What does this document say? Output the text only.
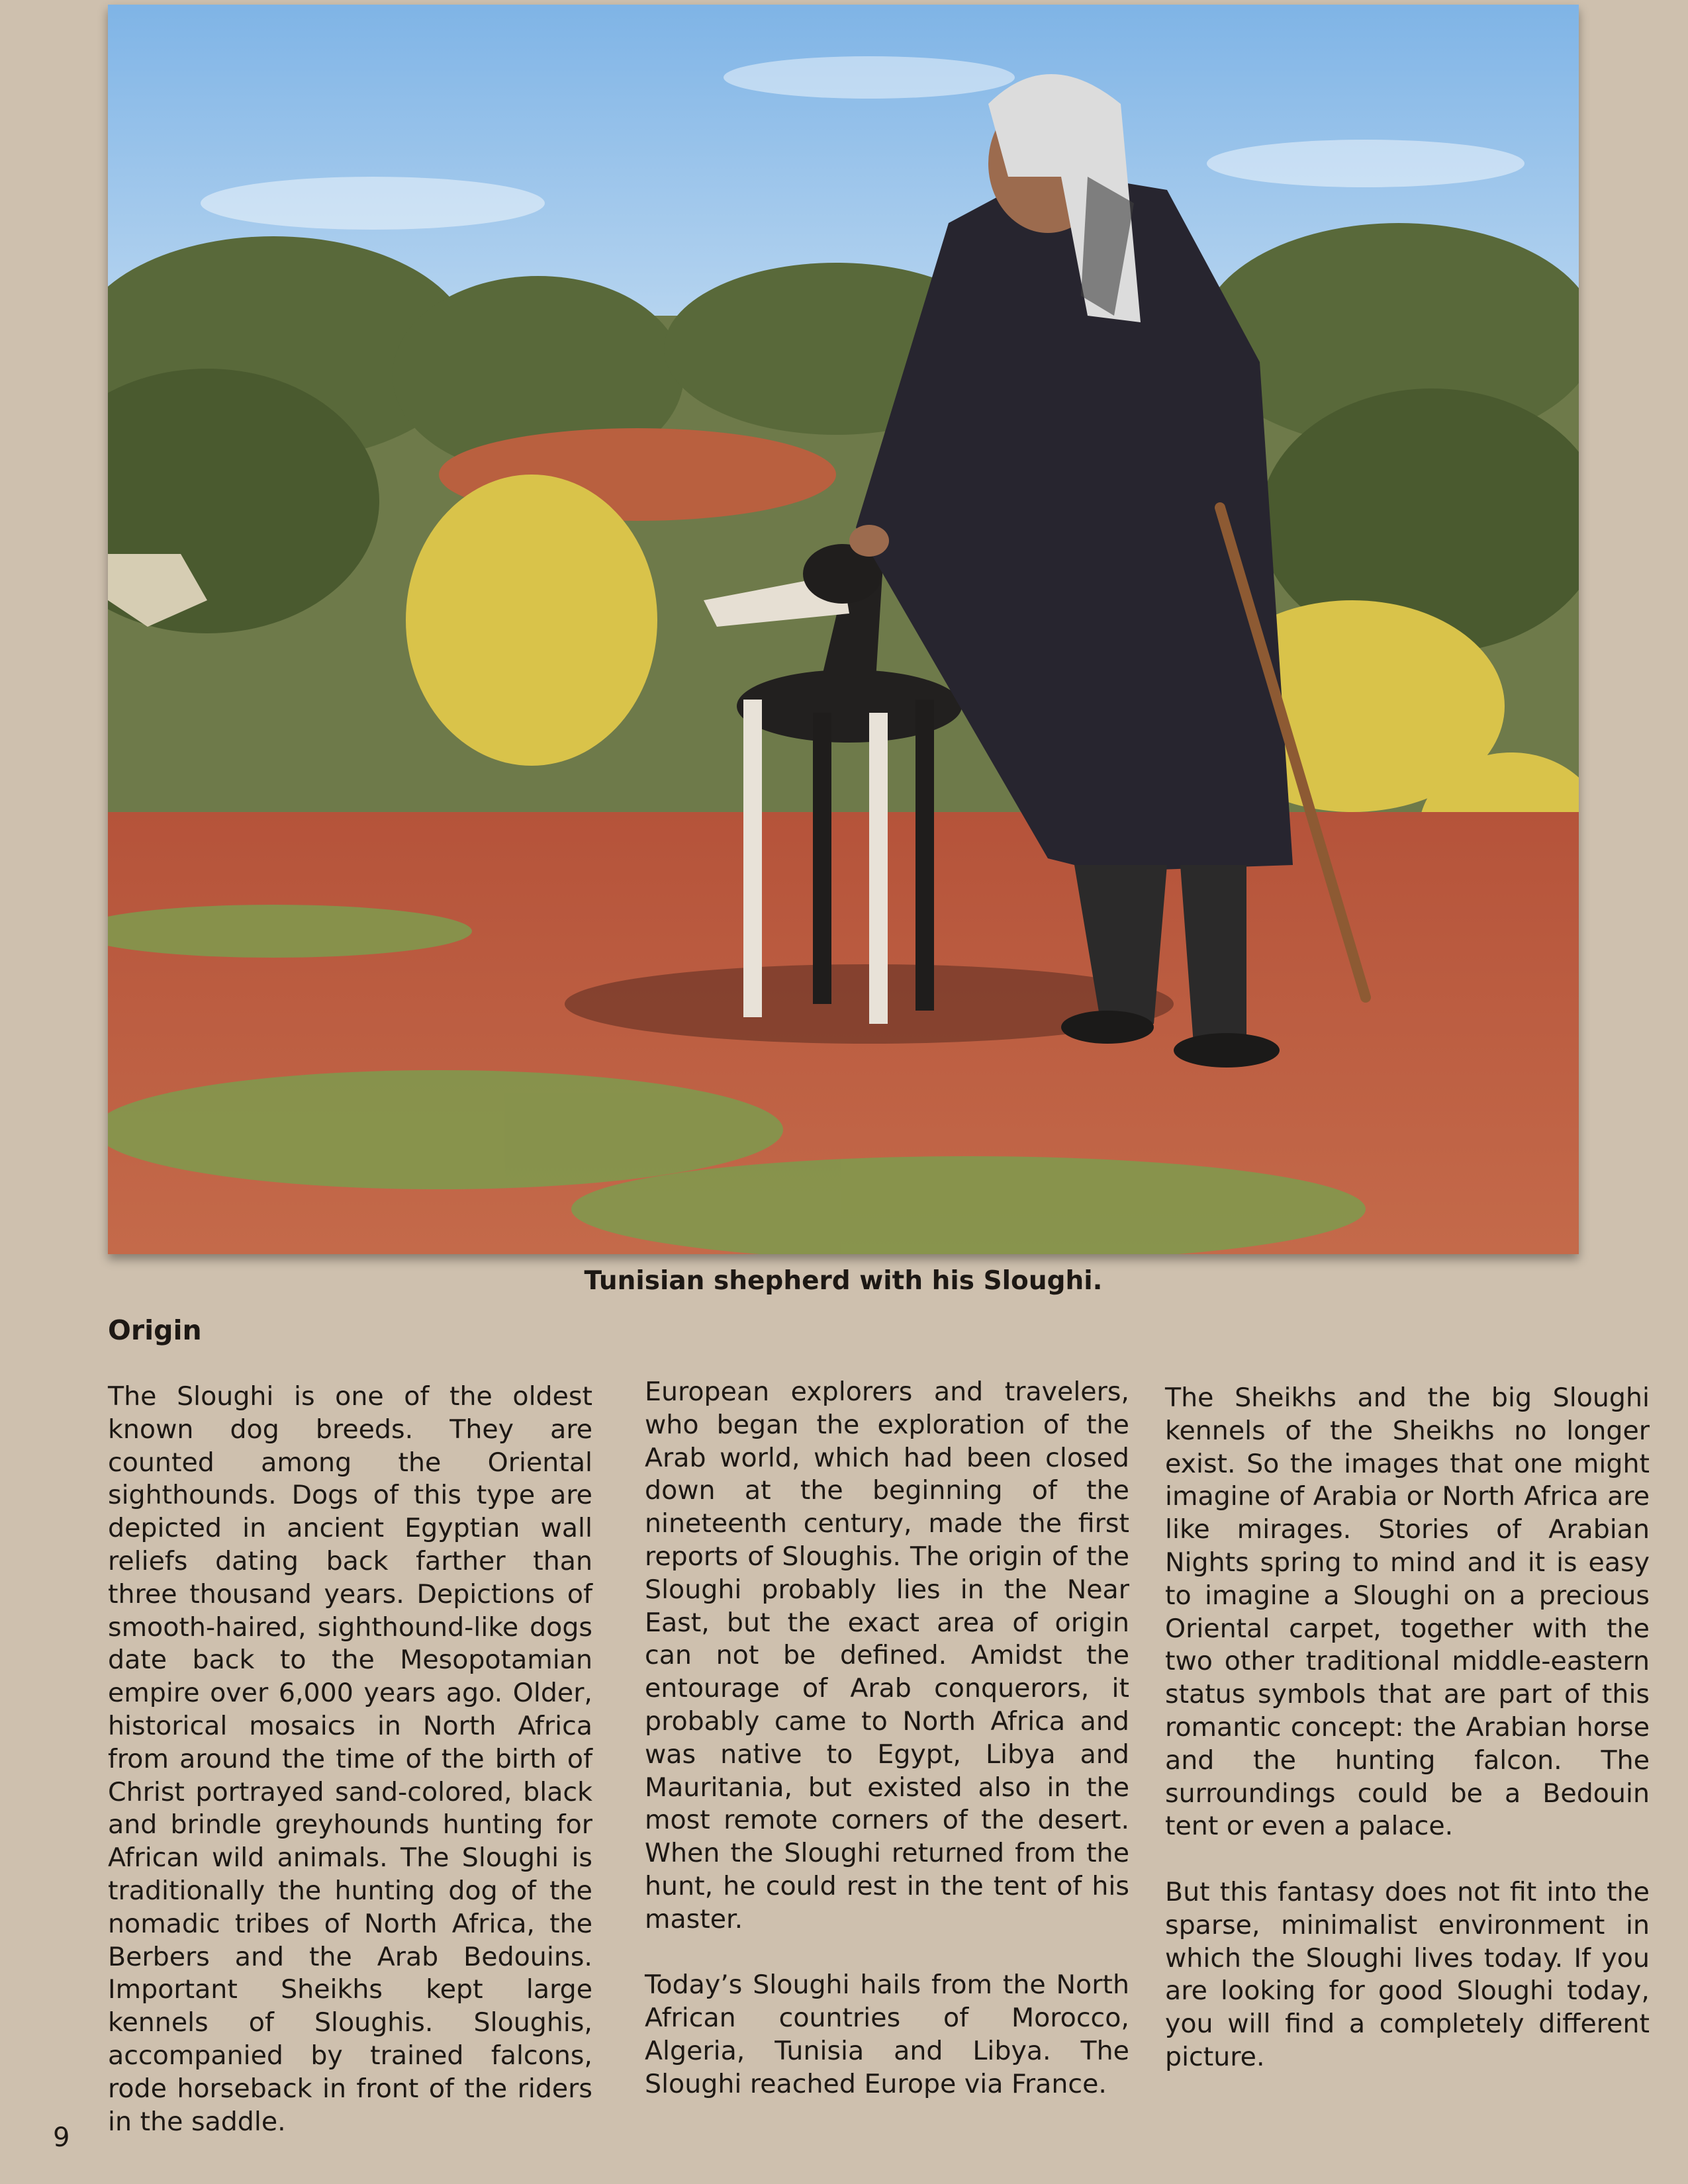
Tunisian shepherd with his Sloughi.

Origin

The Sloughi is one of the oldest known dog breeds. They are counted among the Oriental sighthounds. Dogs of this type are depicted in ancient Egyptian wall reliefs dating back farther than three thousand years. Depictions of smooth-haired, sighthound-like dogs date back to the Mesopotamian empire over 6,000 years ago. Older, historical mosaics in North Africa from around the time of the birth of Christ portrayed sand-colored, black and brindle greyhounds hunting for African wild animals. The Sloughi is traditionally the hunting dog of the nomadic tribes of North Africa, the Berbers and the Arab Bedouins. Important Sheikhs kept large kennels of Sloughis. Sloughis, accompanied by trained falcons, rode horseback in front of the riders in the saddle.

European explorers and travelers, who began the exploration of the Arab world, which had been closed down at the beginning of the nineteenth century, made the first reports of Sloughis. The origin of the Sloughi probably lies in the Near East, but the exact area of origin can not be defined. Amidst the entourage of Arab conquerors, it probably came to North Africa and was native to Egypt, Libya and Mauritania, but existed also in the most remote corners of the desert. When the Sloughi returned from the hunt, he could rest in the tent of his master.

Today’s Sloughi hails from the North African countries of Morocco, Algeria, Tunisia and Libya. The Sloughi reached Europe via France.

The Sheikhs and the big Sloughi kennels of the Sheikhs no longer exist. So the images that one might imagine of Arabia or North Africa are like mirages. Stories of Arabian Nights spring to mind and it is easy to imagine a Sloughi on a precious Oriental carpet, together with the two other traditional middle-eastern status symbols that are part of this romantic concept: the Arabian horse and the hunting falcon. The surroundings could be a Bedouin tent or even a palace.

But this fantasy does not fit into the sparse, minimalist environment in which the Sloughi lives today. If you are looking for good Sloughi today, you will find a completely different picture.

9
